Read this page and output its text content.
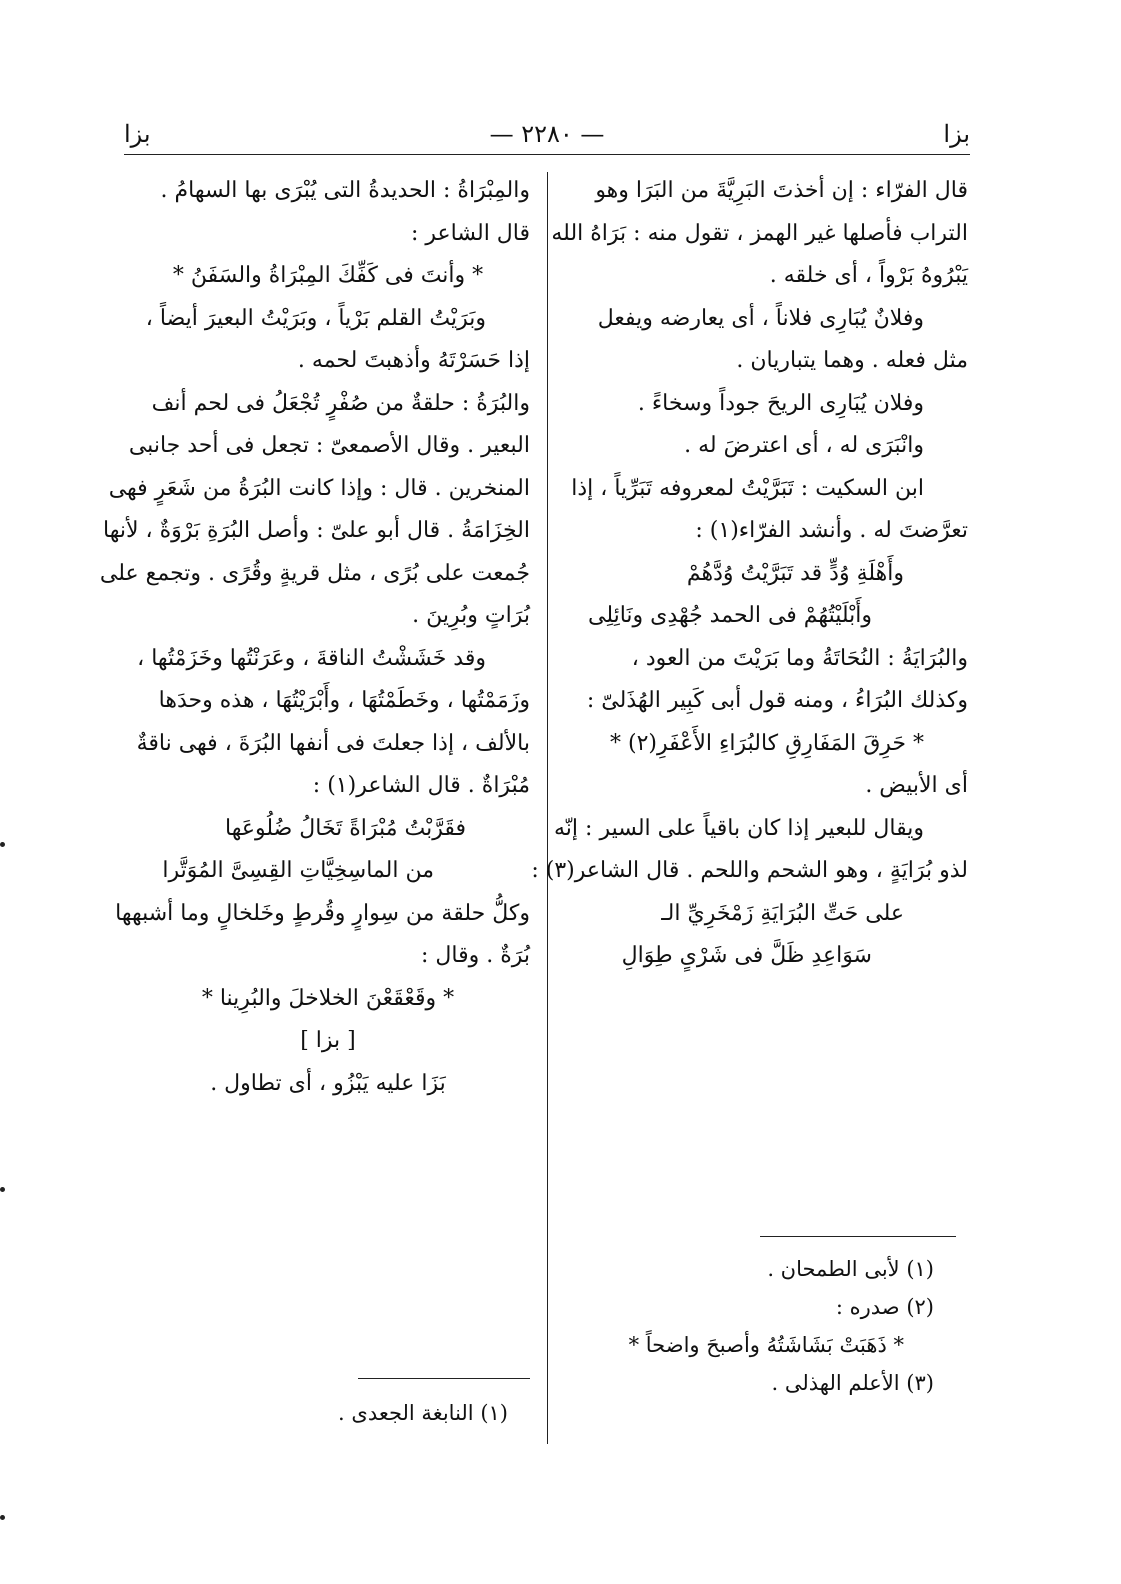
بزا
— ٢٢٨٠ —
بزا
قال الفرّاء : إن أخذتَ البَرِيَّةَ من البَرَا وهو
التراب فأصلها غير الهمز ، تقول منه : بَرَاهُ الله
يَبْرُوهُ بَرْواً ، أى خلقه .
وفلانٌ يُبَارِى فلاناً ، أى يعارضه ويفعل
مثل فعله . وهما يتباريان .
وفلان يُبَارِى الريحَ جوداً وسخاءً .
وانْبَرَى له ، أى اعترضَ له .
ابن السكيت : تَبَرَّيْتُ لمعروفه تَبَرِّياً ، إذا
تعرَّضتَ له . وأنشد الفرّاء(١) :
وأَهْلَةِ وُدٍّ قد تَبَرَّيْتُ وُدَّهُمْ
وأَبْلَيْتُهُمْ فى الحمد جُهْدِى ونَائِلِى
والبُرَايَةُ : النُحَاتَةُ وما بَرَيْتَ من العود ،
وكذلك البُرَاءُ ، ومنه قول أبى كَبِير الهُذَلىّ :
* حَرِقَ المَفَارِقِ كالبُرَاءِ الأَعْفَرِ(٢) *
أى الأبيض .
ويقال للبعير إذا كان باقياً على السير : إنّه
لذو بُرَايَةٍ ، وهو الشحم واللحم . قال الشاعر(٣) :
على حَتِّ البُرَايَةِ زَمْخَرِيِّ الـ
سَوَاعِدِ ظَلَّ فى شَرْىٍ طِوَالِ
(١) لأبى الطمحان .
(٢) صدره :
* ذَهَبَتْ بَشَاشَتُهُ وأصبحَ واضحاً *
(٣) الأعلم الهذلى .
والمِبْرَاةُ : الحديدةُ التى يُبْرَى بها السهامُ .
قال الشاعر :
* وأنتَ فى كَفِّكَ المِبْرَاةُ والسَفَنُ *
وبَرَيْتُ القلم بَرْياً ، وبَرَيْتُ البعيرَ أيضاً ،
إذا حَسَرْتَهُ وأذهبتَ لحمه .
والبُرَةُ : حلقةٌ من صُفْرٍ تُجْعَلُ فى لحم أنف
البعير . وقال الأصمعىّ : تجعل فى أحد جانبى
المنخرين . قال : وإذا كانت البُرَةُ من شَعَرٍ فهى
الخِزَامَةُ . قال أبو علىّ : وأصل البُرَةِ بَرْوَةٌ ، لأنها
جُمعت على بُرًى ، مثل قريةٍ وقُرًى . وتجمع على
بُرَاتٍ وبُرِينَ .
وقد خَشَشْتُ الناقةَ ، وعَرَنْتُها وخَزَمْتُها ،
وزَمَمْتُها ، وخَطَمْتُهَا ، وأَبْرَيْتُهَا ، هذه وحدَها
بالألف ، إذا جعلتَ فى أنفها البُرَةَ ، فهى ناقةٌ
مُبْرَاةٌ . قال الشاعر(١) :
فقَرَّبْتُ مُبْرَاةً تَخَالُ ضُلُوعَها
من الماسِخِيَّاتِ القِسِىَّ المُوَتَّرا
وكلُّ حلقة من سِوارٍ وقُرطٍ وخَلخالٍ وما أشبهها
بُرَةٌ . وقال :
* وقَعْقَعْنَ الخلاخلَ والبُرِينا *
[ بزا ]
بَزَا عليه يَبْزُو ، أى تطاول .
(١) النابغة الجعدى .
